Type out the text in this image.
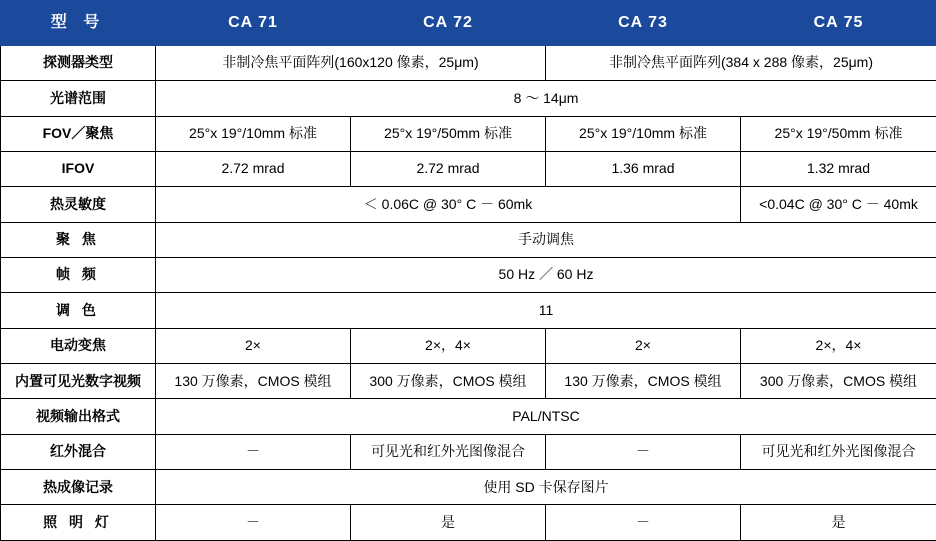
型 号	CA 71	CA 72	CA 73	CA 75
探测器类型	非制冷焦平面阵列(160x120 像素，25μm)		非制冷焦平面阵列(384 x 288 像素，25μm)	
光谱范围	8 ～ 14μm			
FOV／聚焦	25°x 19°/10mm 标准	25°x 19°/50mm 标准	25°x 19°/10mm 标准	25°x 19°/50mm 标准
IFOV	2.72 mrad	2.72 mrad	1.36 mrad	1.32 mrad
热灵敏度	＜ 0.06C @ 30° C － 60mk			<0.04C @ 30° C － 40mk
聚 焦	手动调焦			
帧 频	50 Hz ／ 60 Hz			
调 色	11			
电动变焦	2×	2×，4×	2×	2×，4×
内置可见光数字视频	130 万像素，CMOS 模组	300 万像素，CMOS 模组	130 万像素，CMOS 模组	300 万像素，CMOS 模组
视频输出格式	PAL/NTSC			
红外混合	－	可见光和红外光图像混合	－	可见光和红外光图像混合
热成像记录	使用 SD 卡保存图片			
照 明 灯	－	是	－	是
